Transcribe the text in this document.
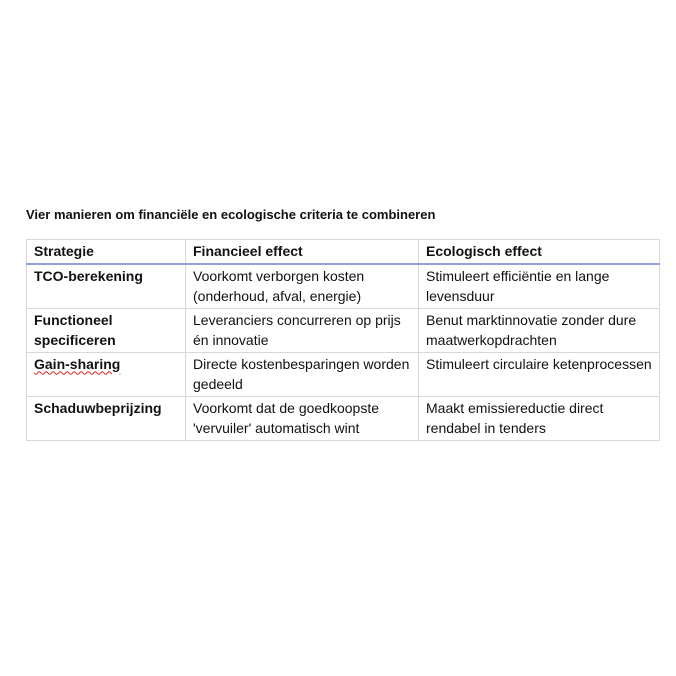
Vier manieren om financiële en ecologische criteria te combineren
Strategie	Financieel effect	Ecologisch effect
TCO-berekening	Voorkomt verborgen kosten (onderhoud, afval, energie)	Stimuleert efficiëntie en lange levensduur
Functioneel specificeren	Leveranciers concurreren op prijs én innovatie	Benut marktinnovatie zonder dure maatwerkopdrachten
Gain-sharing	Directe kostenbesparingen worden gedeeld	Stimuleert circulaire ketenprocessen
Schaduwbeprijzing	Voorkomt dat de goedkoopste 'vervuiler' automatisch wint	Maakt emissiereductie direct rendabel in tenders
